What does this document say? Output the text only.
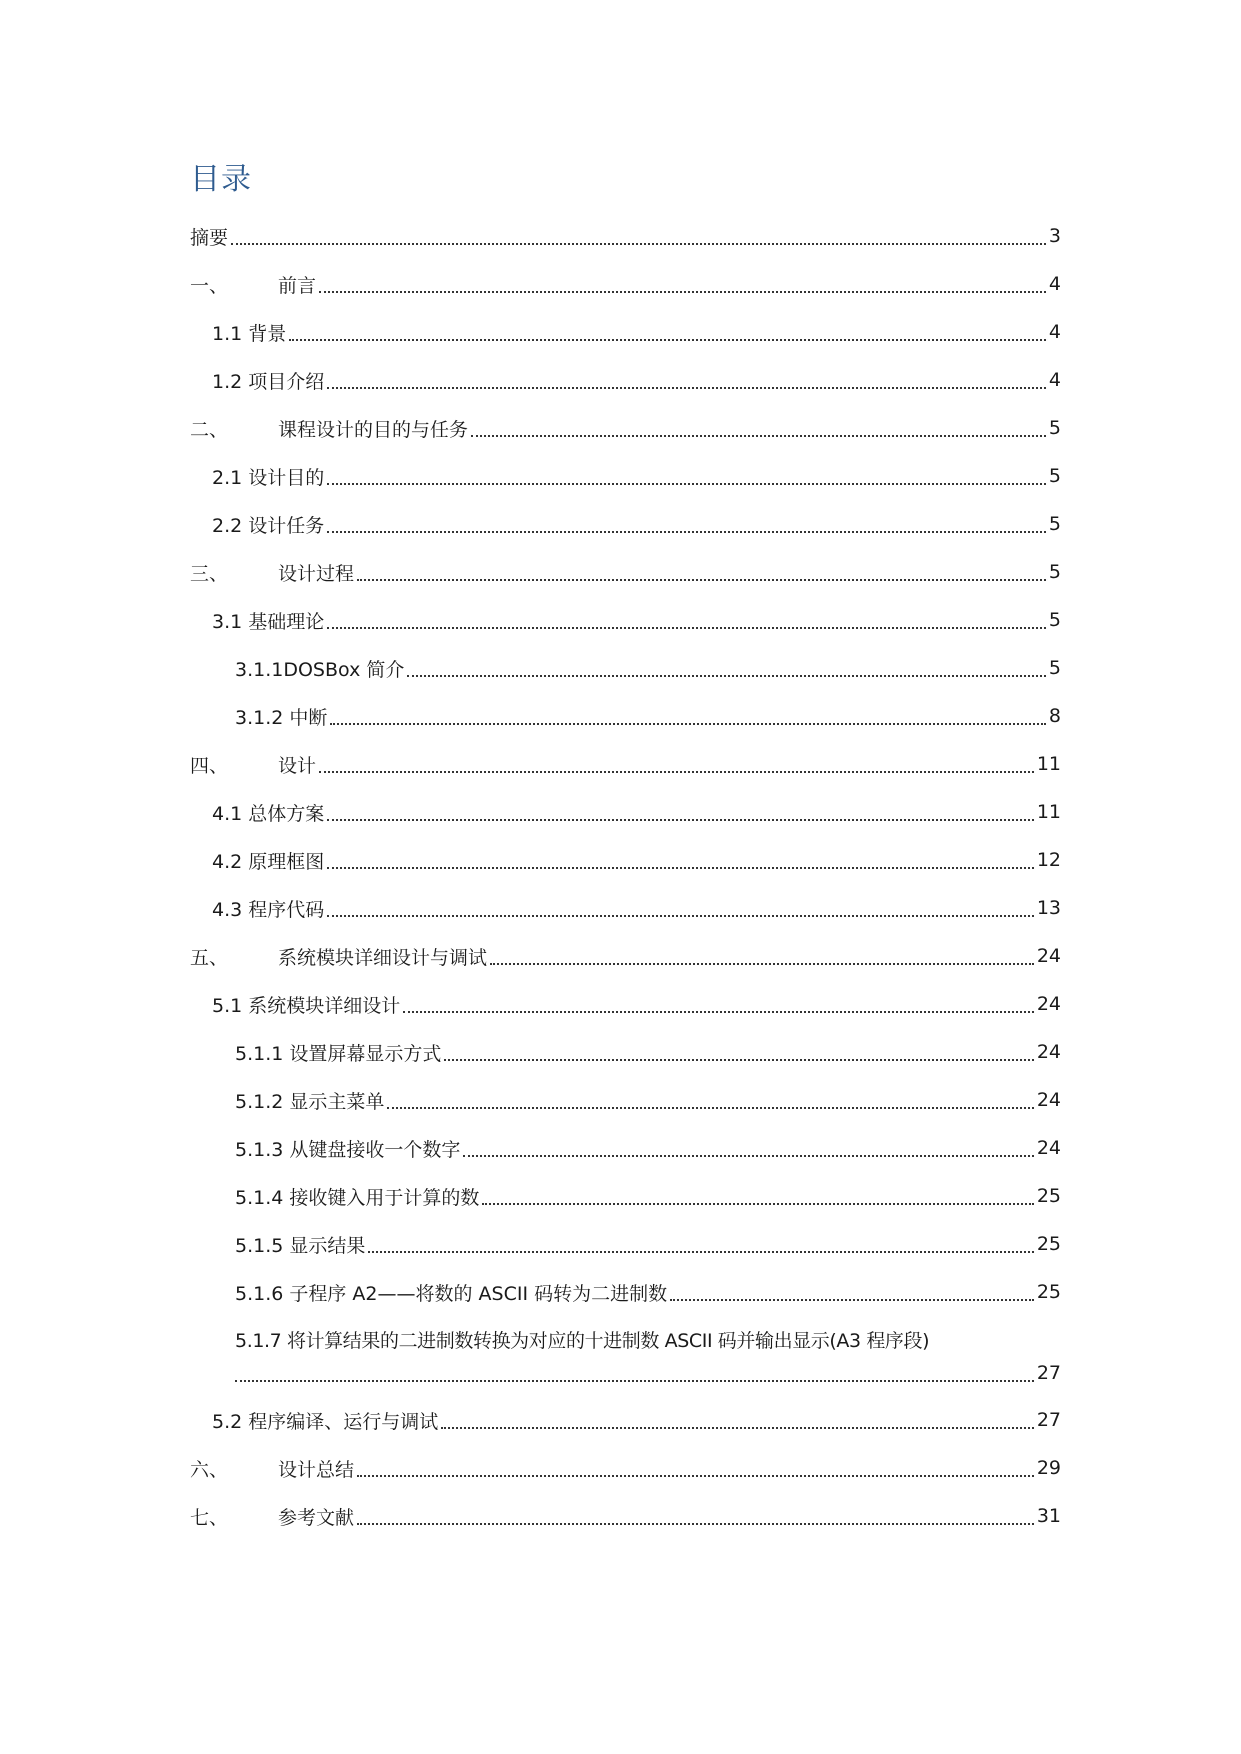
目录
摘要	3
一、	前言	4
1.1 背景	4
1.2 项目介绍	4
二、	课程设计的目的与任务	5
2.1 设计目的	5
2.2 设计任务	5
三、	设计过程	5
3.1 基础理论	5
3.1.1DOSBox 简介	5
3.1.2 中断	8
四、	设计	11
4.1 总体方案	11
4.2 原理框图	12
4.3 程序代码	13
五、	系统模块详细设计与调试	24
5.1 系统模块详细设计	24
5.1.1 设置屏幕显示方式	24
5.1.2 显示主菜单	24
5.1.3 从键盘接收一个数字	24
5.1.4 接收键入用于计算的数	25
5.1.5 显示结果	25
5.1.6 子程序 A2——将数的 ASCII 码转为二进制数	25
5.1.7 将计算结果的二进制数转换为对应的十进制数 ASCII 码并输出显示(A3 程序段)
27
5.2 程序编译、运行与调试	27
六、	设计总结	29
七、	参考文献	31
